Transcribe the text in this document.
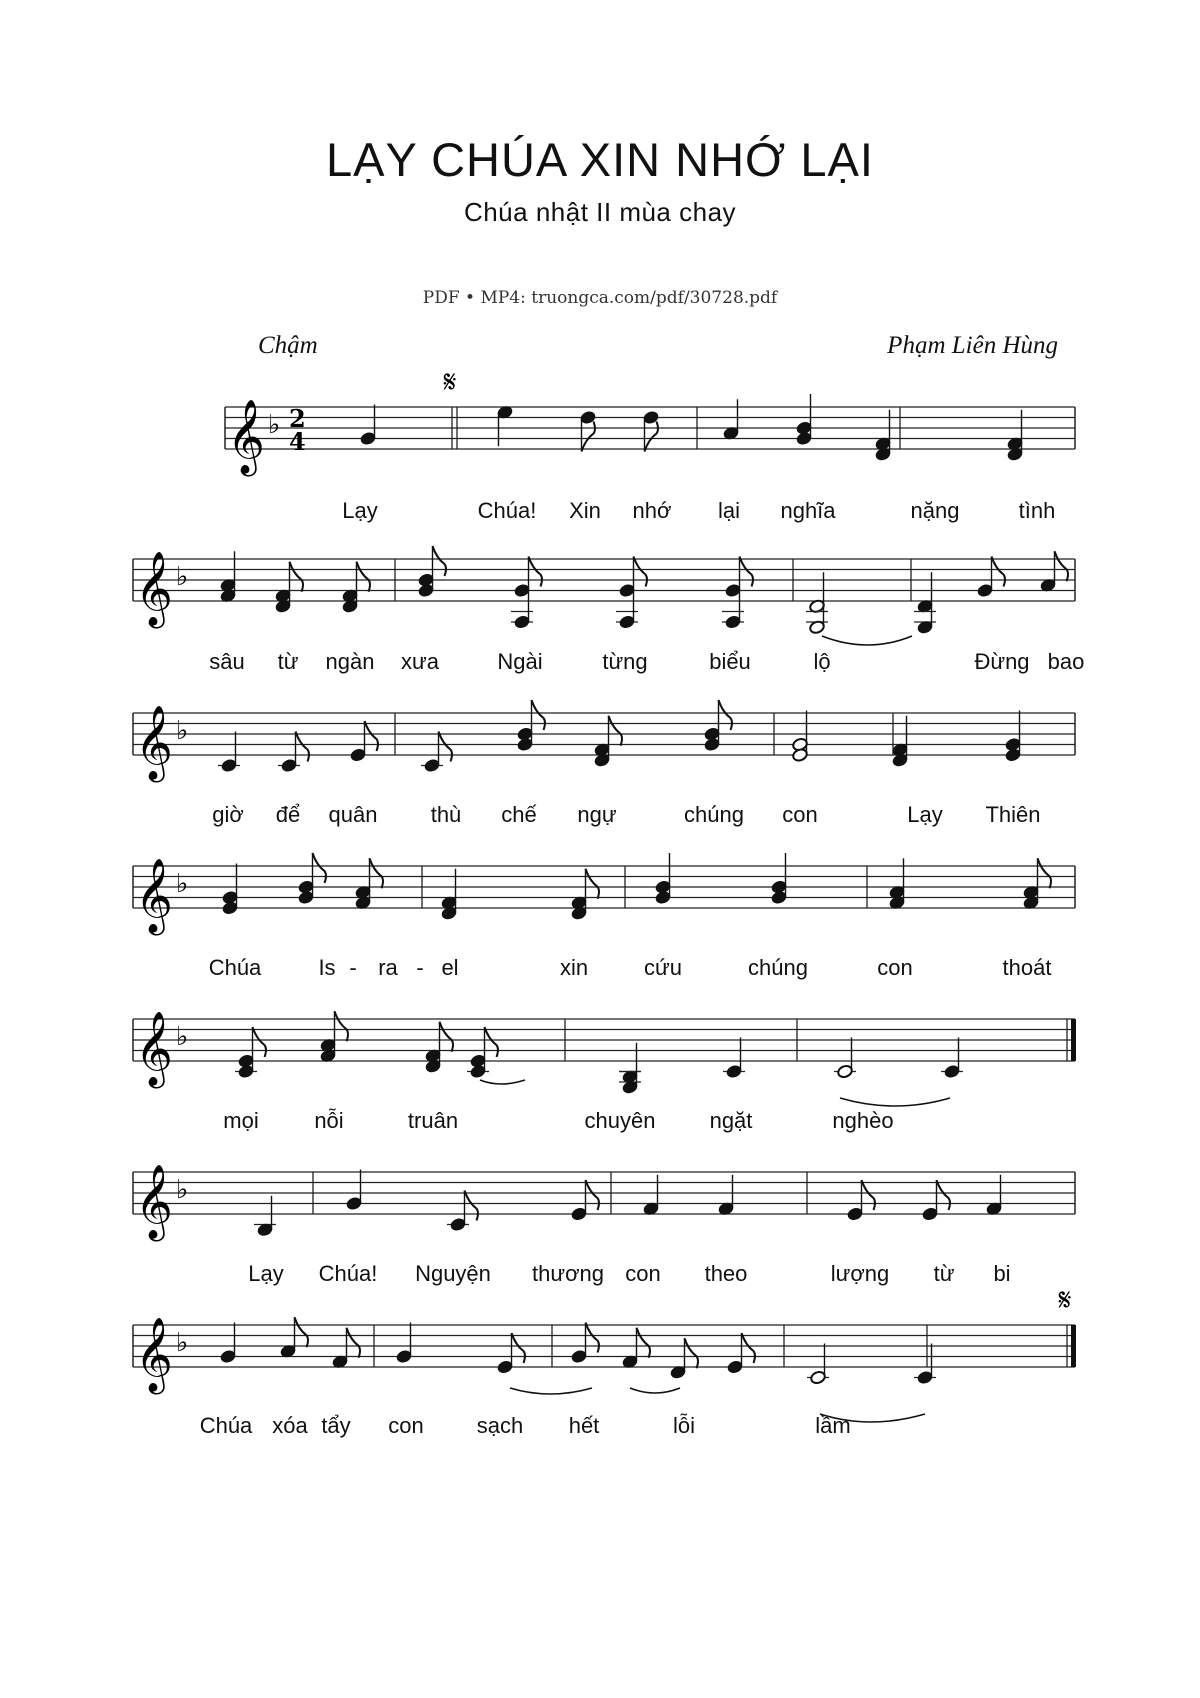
LẠY CHÚA XIN NHỚ LẠI
Chúa nhật II mùa chay
PDF • MP4: truongca.com/pdf/30728.pdf
Chậm	Phạm Liên Hùng
𝄞 ♭ 2
4
𝄋
Lạy	Chúa! Xin nhớ lại nghĩa	nặng	tình
𝄞 ♭
sâu từ ngàn xưa	Ngài	từng	biểu	lộ	Đừng bao
𝄞 ♭
giờ để quân thù chế ngự	chúng con	Lạy Thiên
𝄞 ♭
Chúa	Is - ra - el	xin	cứu	chúng	con	thoát
𝄞 ♭
mọi	nỗi	truân	chuyên ngặt	nghèo
𝄞 ♭
Lạy Chúa! Nguyện thương con theo	lượng từ bi
𝄞 ♭
𝄋
Chúa xóa tẩy con sạch hết	lỗi	lầm
